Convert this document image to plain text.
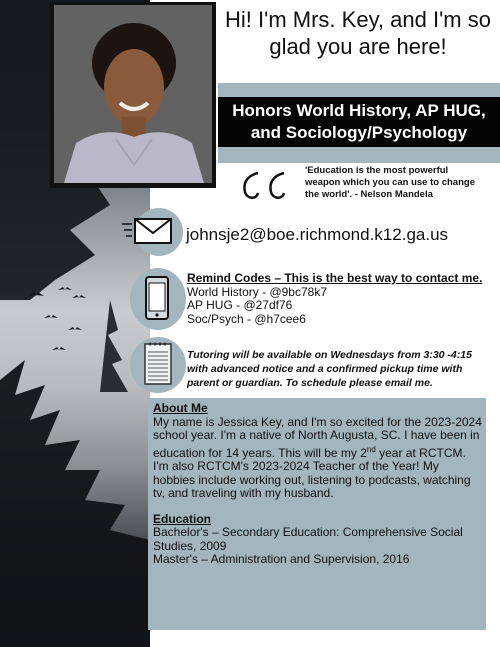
Hi! I'm Mrs. Key, and I'm so glad you are here!
Honors World History, AP HUG, and Sociology/Psychology
'Education is the most powerful weapon which you can use to change the world'. - Nelson Mandela
johnsje2@boe.richmond.k12.ga.us
Remind Codes – This is the best way to contact me.
World History - @9bc78k7
AP HUG - @27df76
Soc/Psych - @h7cee6
Tutoring will be available on Wednesdays from 3:30 -4:15 with advanced notice and a confirmed pickup time with parent or guardian. To schedule please email me.
About Me

My name is Jessica Key, and I'm so excited for the 2023-2024 school year. I'm a native of North Augusta, SC. I have been in education for 14 years. This will be my 2nd year at RCTCM. I'm also RCTCM's 2023-2024 Teacher of the Year! My hobbies include working out, listening to podcasts, watching tv, and traveling with my husband.

Education

Bachelor's – Secondary Education: Comprehensive Social Studies, 2009

Master's – Administration and Supervision, 2016
